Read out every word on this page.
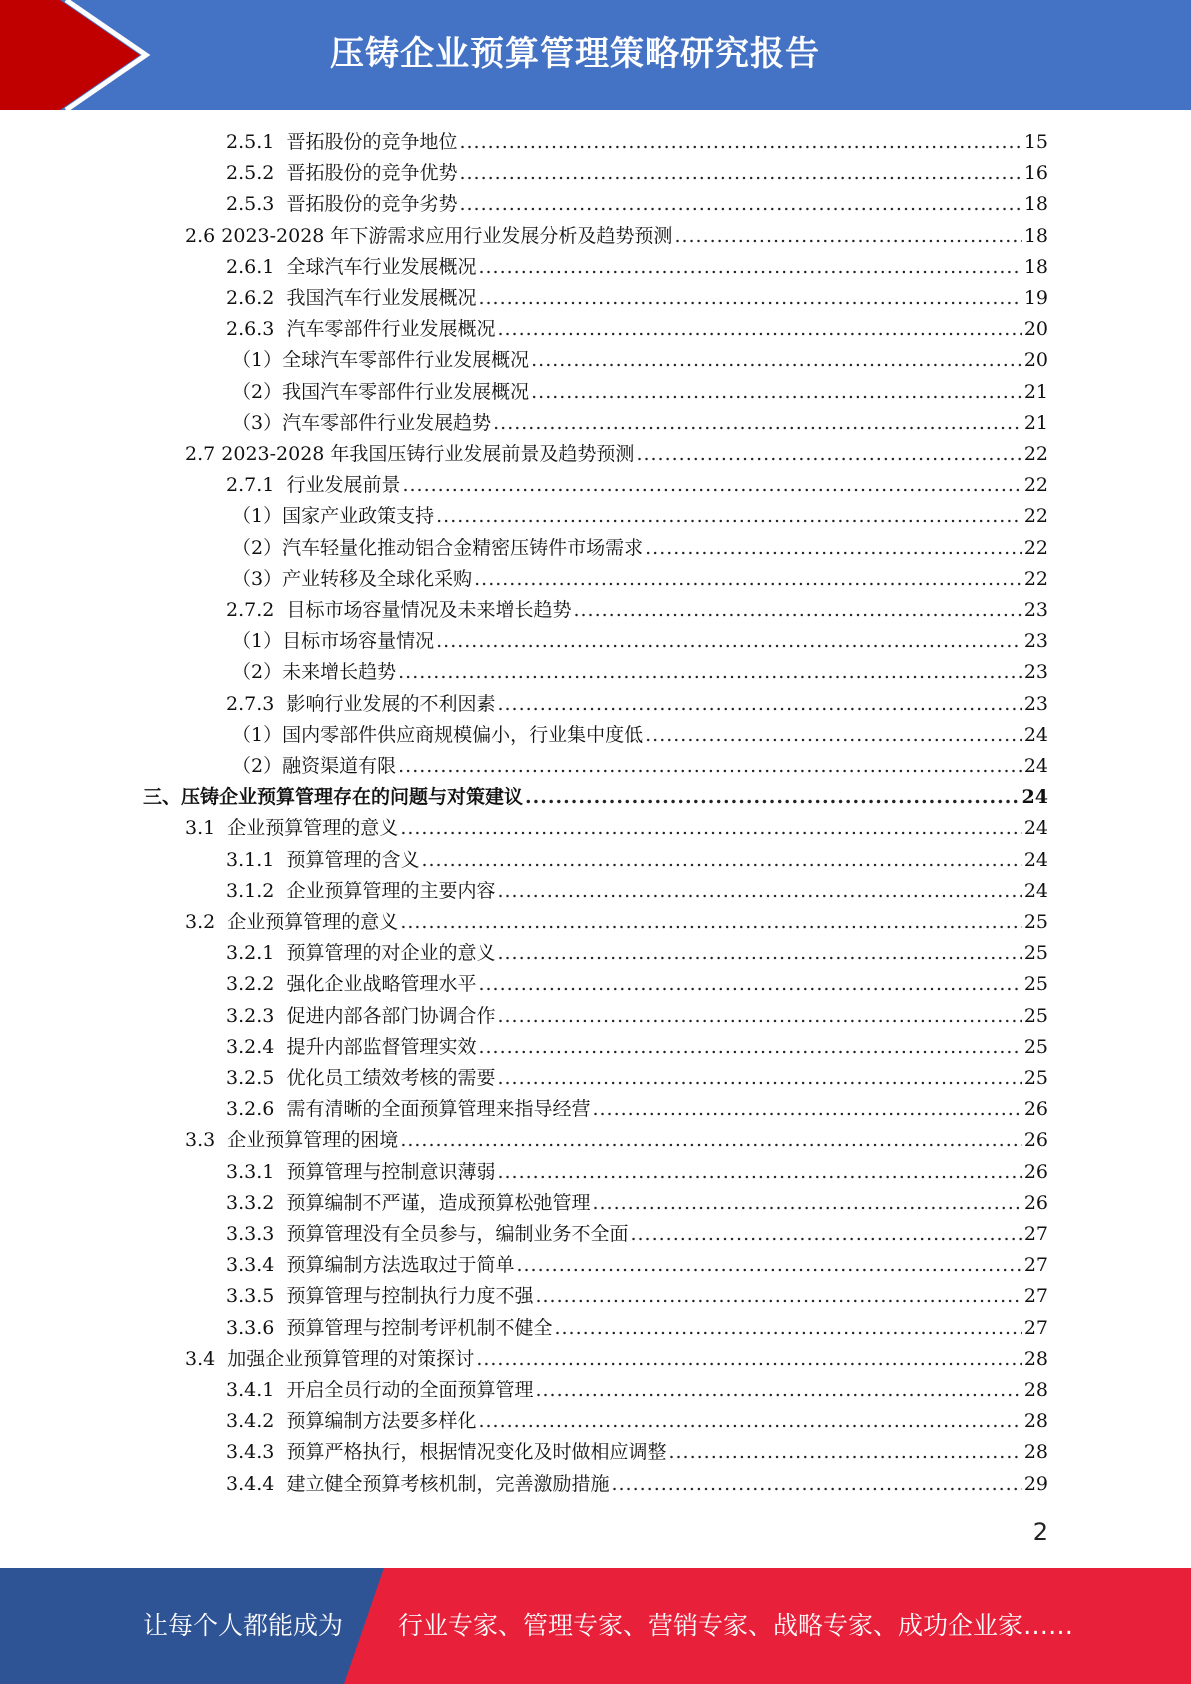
压铸企业预算管理策略研究报告
2.5.1 晋拓股份的竞争地位 .....	15
2.5.2 晋拓股份的竞争优势 .....	16
2.5.3 晋拓股份的竞争劣势 .....	18
2.6 2023-2028 年下游需求应用行业发展分析及趋势预测 .....	18
2.6.1 全球汽车行业发展概况 .....	18
2.6.2 我国汽车行业发展概况 .....	19
2.6.3 汽车零部件行业发展概况 .....	20
（1） 全球汽车零部件行业发展概况 .....	20
（2） 我国汽车零部件行业发展概况 .....	21
（3） 汽车零部件行业发展趋势 .....	21
2.7 2023-2028 年我国压铸行业发展前景及趋势预测 .....	22
2.7.1 行业发展前景 .....	22
（1） 国家产业政策支持 .....	22
（2） 汽车轻量化推动铝合金精密压铸件市场需求 .....	22
（3） 产业转移及全球化采购 .....	22
2.7.2 目标市场容量情况及未来增长趋势 .....	23
（1） 目标市场容量情况 .....	23
（2） 未来增长趋势 .....	23
2.7.3 影响行业发展的不利因素 .....	23
（1） 国内零部件供应商规模偏小，行业集中度低 .....	24
（2） 融资渠道有限 .....	24
三、 压铸企业预算管理存在的问题与对策建议 .....	24
3.1 企业预算管理的意义 .....	24
3.1.1 预算管理的含义 .....	24
3.1.2 企业预算管理的主要内容 .....	24
3.2 企业预算管理的意义 .....	25
3.2.1 预算管理的对企业的意义 .....	25
3.2.2 强化企业战略管理水平 .....	25
3.2.3 促进内部各部门协调合作 .....	25
3.2.4 提升内部监督管理实效 .....	25
3.2.5 优化员工绩效考核的需要 .....	25
3.2.6 需有清晰的全面预算管理来指导经营 .....	26
3.3 企业预算管理的困境 .....	26
3.3.1 预算管理与控制意识薄弱 .....	26
3.3.2 预算编制不严谨，造成预算松弛管理 .....	26
3.3.3 预算管理没有全员参与，编制业务不全面 .....	27
3.3.4 预算编制方法选取过于简单 .....	27
3.3.5 预算管理与控制执行力度不强 .....	27
3.3.6 预算管理与控制考评机制不健全 .....	27
3.4 加强企业预算管理的对策探讨 .....	28
3.4.1 开启全员行动的全面预算管理 .....	28
3.4.2 预算编制方法要多样化 .....	28
3.4.3 预算严格执行，根据情况变化及时做相应调整 .....	28
3.4.4 建立健全预算考核机制，完善激励措施 .....	29
2
让每个人都能成为 行业专家、管理专家、营销专家、战略专家、成功企业家……
